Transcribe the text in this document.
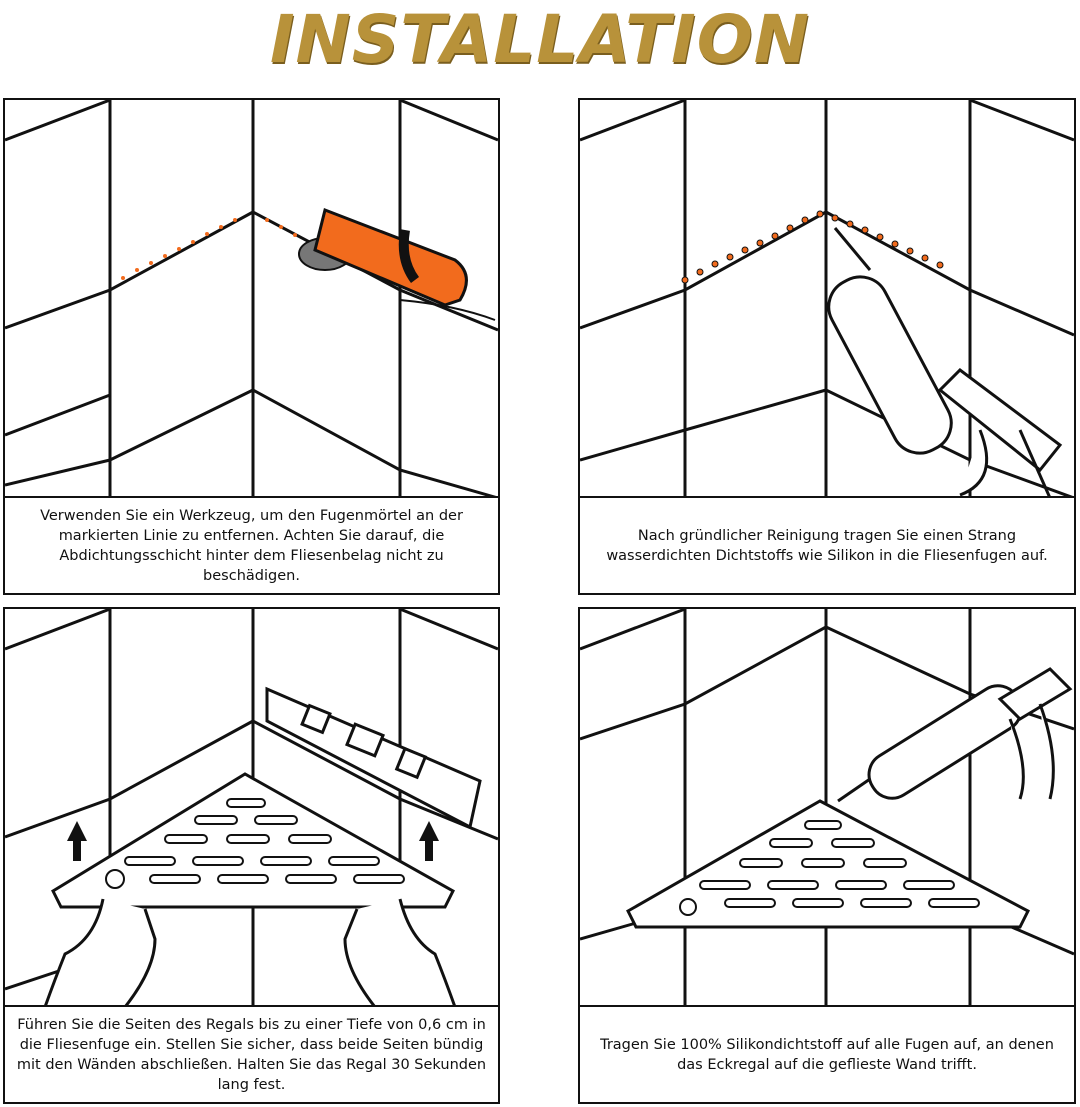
INSTALLATION
Verwenden Sie ein Werkzeug, um den Fugenmörtel an der markierten Linie zu entfernen. Achten Sie darauf, die Abdichtungsschicht hinter dem Fliesenbelag nicht zu beschädigen.
Nach gründlicher Reinigung tragen Sie einen Strang wasserdichten Dichtstoffs wie Silikon in die Fliesenfugen auf.
Führen Sie die Seiten des Regals bis zu einer Tiefe von 0,6 cm in die Fliesenfuge ein. Stellen Sie sicher, dass beide Seiten bündig mit den Wänden abschließen. Halten Sie das Regal 30 Sekunden lang fest.
Tragen Sie 100% Silikondichtstoff auf alle Fugen auf, an denen das Eckregal auf die geflieste Wand trifft.
